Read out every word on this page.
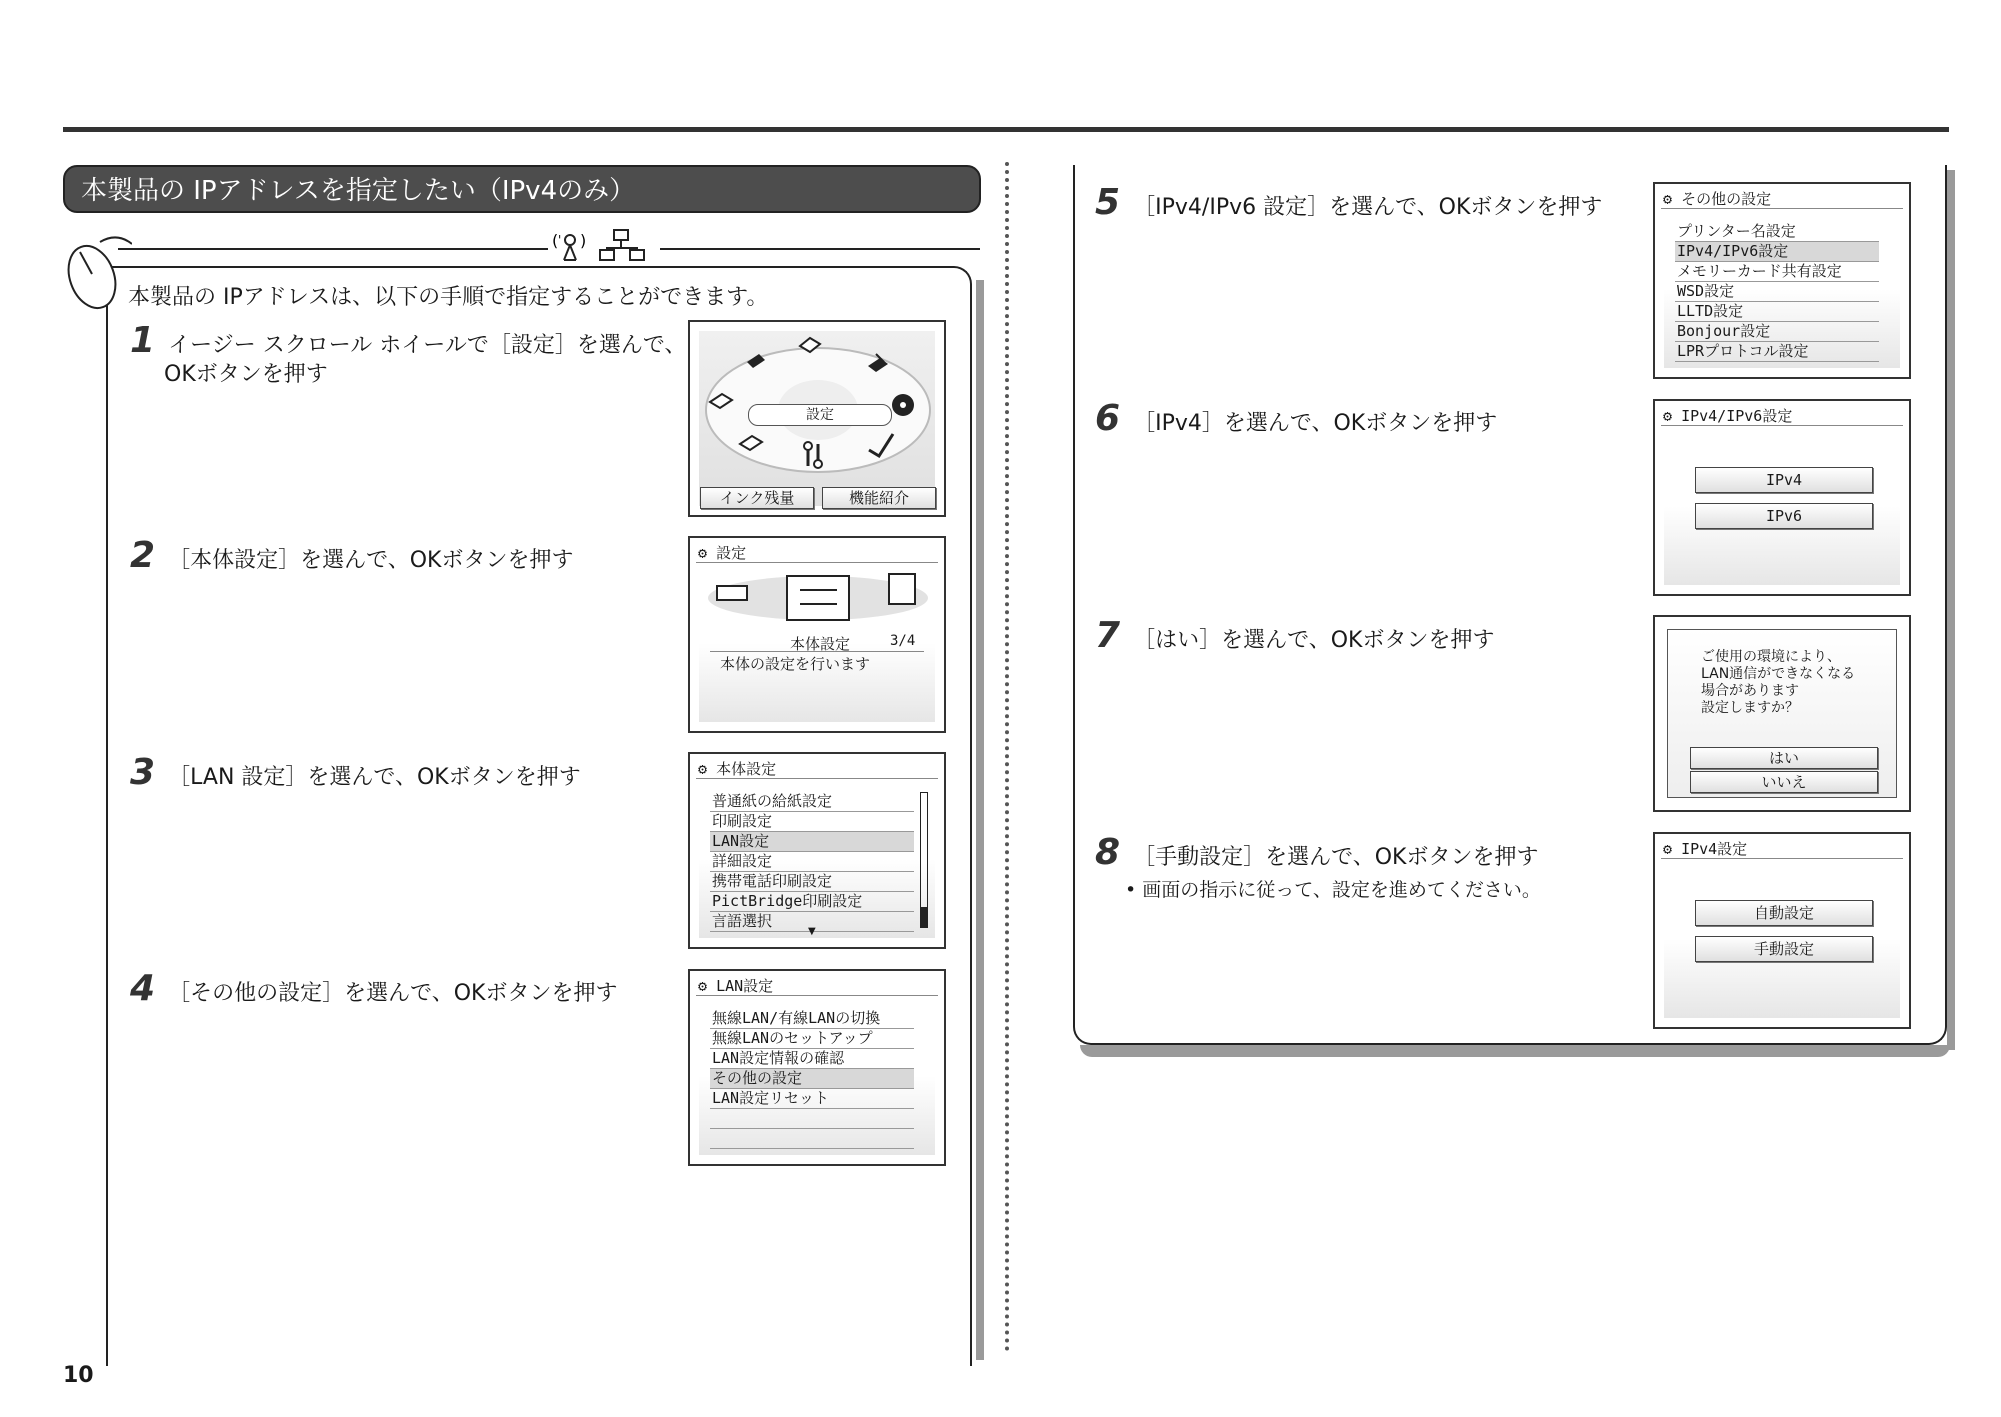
本製品の IPアドレスを指定したい（IPv4のみ）
( ' )
本製品の IPアドレスは、以下の手順で指定することができます。
1 イージー スクロール ホイールで［設定］を選んで、
OKボタンを押す
2 ［本体設定］を選んで、OKボタンを押す
3 ［LAN 設定］を選んで、OKボタンを押す
4 ［その他の設定］を選んで、OKボタンを押す
5 ［IPv4/IPv6 設定］を選んで、OKボタンを押す
6 ［IPv4］を選んで、OKボタンを押す
7 ［はい］を選んで、OKボタンを押す
8 ［手動設定］を選んで、OKボタンを押す
• 画面の指示に従って、設定を進めてください。
設定
インク残量	機能紹介
⚙ 設定
本体設定	3/4
本体の設定を行います
⚙ 本体設定
普通紙の給紙設定
印刷設定
LAN設定
詳細設定
携帯電話印刷設定
PictBridge印刷設定
言語選択
▼
⚙ LAN設定
無線LAN/有線LANの切換
無線LANのセットアップ
LAN設定情報の確認
その他の設定
LAN設定リセット
⚙ その他の設定
プリンター名設定
IPv4/IPv6設定
メモリーカード共有設定
WSD設定
LLTD設定
Bonjour設定
LPRプロトコル設定
⚙ IPv4/IPv6設定
IPv4
IPv6
ご使用の環境により、
LAN通信ができなくなる
場合があります
設定しますか？
はい
いいえ
⚙ IPv4設定
自動設定
手動設定
10
